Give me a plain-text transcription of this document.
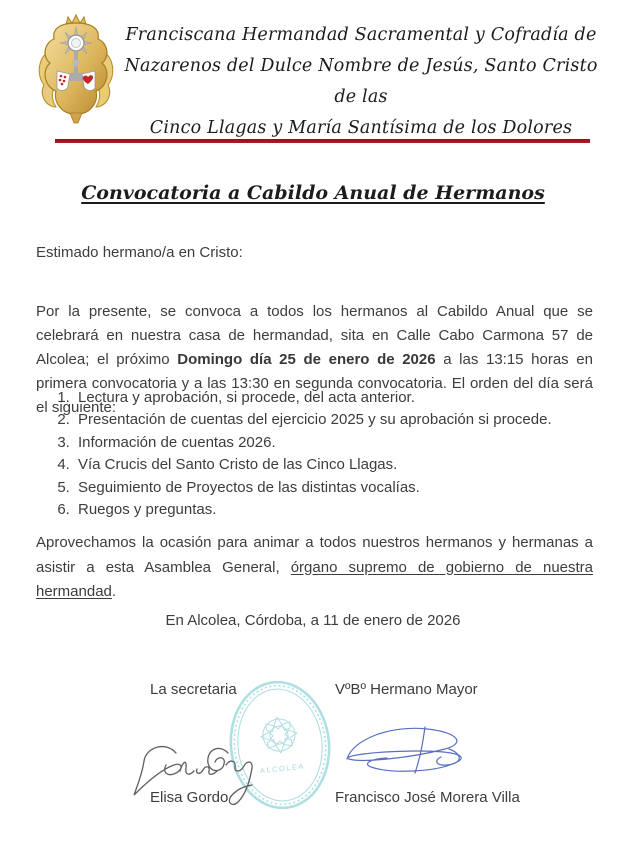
Franciscana Hermandad Sacramental y Cofradía de
Nazarenos del Dulce Nombre de Jesús, Santo Cristo de las
Cinco Llagas y María Santísima de los Dolores
Convocatoria a Cabildo Anual de Hermanos
Estimado hermano/a en Cristo:
Por la presente, se convoca a todos los hermanos al Cabildo Anual que se celebrará en nuestra casa de hermandad, sita en Calle Cabo Carmona 57 de Alcolea; el próximo Domingo día 25 de enero de 2026 a las 13:15 horas en primera convocatoria y a las 13:30 en segunda convocatoria. El orden del día será el siguiente:
1. Lectura y aprobación, si procede, del acta anterior.
2. Presentación de cuentas del ejercicio 2025 y su aprobación si procede.
3. Información de cuentas 2026.
4. Vía Crucis del Santo Cristo de las Cinco Llagas.
5. Seguimiento de Proyectos de las distintas vocalías.
6. Ruegos y preguntas.
Aprovechamos la ocasión para animar a todos nuestros hermanos y hermanas a asistir a esta Asamblea General, órgano supremo de gobierno de nuestra hermandad.
En Alcolea, Córdoba, a 11 de enero de 2026
La secretaria	VºBº Hermano Mayor
ALCOLEA
Elisa Gordo	Francisco José Morera Villa
